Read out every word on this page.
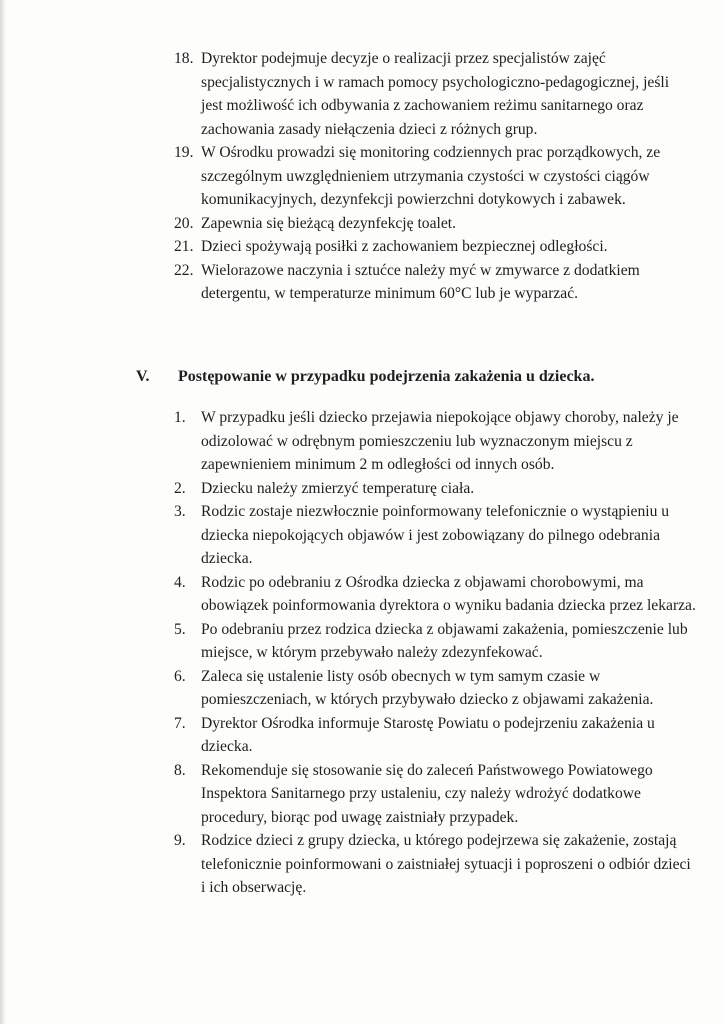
18. Dyrektor podejmuje decyzje o realizacji przez specjalistów zajęć specjalistycznych i w ramach pomocy psychologiczno-pedagogicznej, jeśli jest możliwość ich odbywania z zachowaniem reżimu sanitarnego oraz zachowania zasady niełączenia dzieci z różnych grup.
19. W Ośrodku prowadzi się monitoring codziennych prac porządkowych, ze szczególnym uwzględnieniem utrzymania czystości w czystości ciągów komunikacyjnych, dezynfekcji powierzchni dotykowych i zabawek.
20. Zapewnia się bieżącą dezynfekcję toalet.
21. Dzieci spożywają posiłki z zachowaniem bezpiecznej odległości.
22. Wielorazowe naczynia i sztućce należy myć w zmywarce z dodatkiem detergentu, w temperaturze minimum 60°C lub je wyparzać.
V. Postępowanie w przypadku podejrzenia zakażenia u dziecka.
1. W przypadku jeśli dziecko przejawia niepokojące objawy choroby, należy je odizolować w odrębnym pomieszczeniu lub wyznaczonym miejscu z zapewnieniem minimum 2 m odległości od innych osób.
2. Dziecku należy zmierzyć temperaturę ciała.
3. Rodzic zostaje niezwłocznie poinformowany telefonicznie o wystąpieniu u dziecka niepokojących objawów i jest zobowiązany do pilnego odebrania dziecka.
4. Rodzic po odebraniu z Ośrodka dziecka z objawami chorobowymi, ma obowiązek poinformowania dyrektora o wyniku badania dziecka przez lekarza.
5. Po odebraniu przez rodzica dziecka z objawami zakażenia, pomieszczenie lub miejsce, w którym przebywało należy zdezynfekować.
6. Zaleca się ustalenie listy osób obecnych w tym samym czasie w pomieszczeniach, w których przybywało dziecko z objawami zakażenia.
7. Dyrektor Ośrodka informuje Starostę Powiatu o podejrzeniu zakażenia u dziecka.
8. Rekomenduje się stosowanie się do zaleceń Państwowego Powiatowego Inspektora Sanitarnego przy ustaleniu, czy należy wdrożyć dodatkowe procedury, biorąc pod uwagę zaistniały przypadek.
9. Rodzice dzieci z grupy dziecka, u którego podejrzewa się zakażenie, zostają telefonicznie poinformowani o zaistniałej sytuacji i poproszeni o odbiór dzieci i ich obserwację.
